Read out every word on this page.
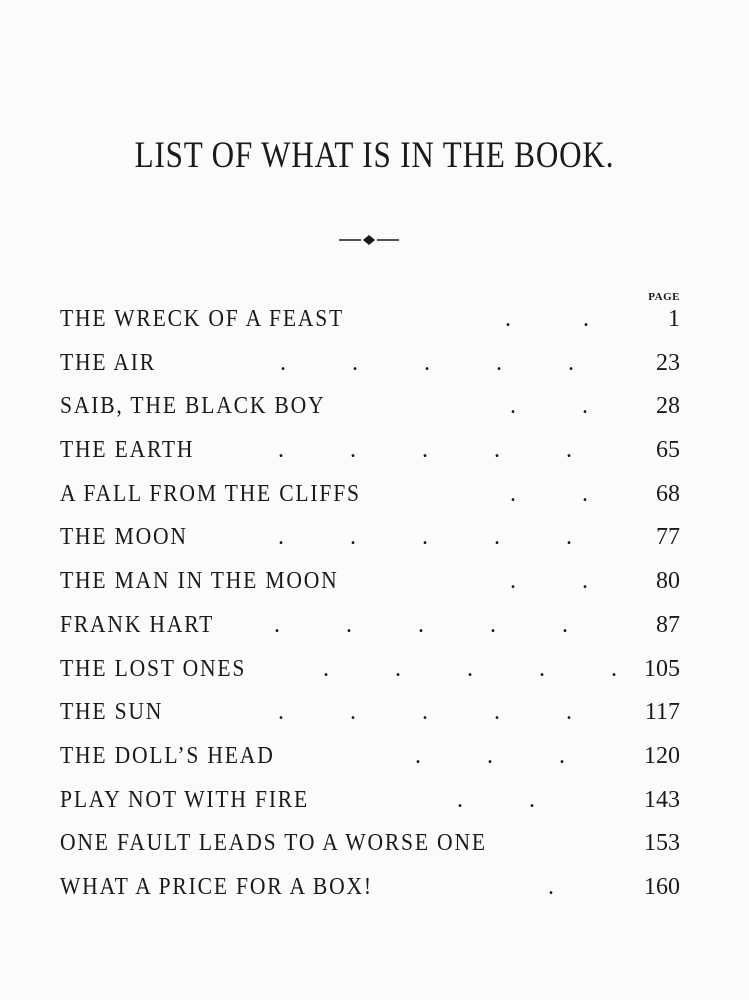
LIST OF WHAT IS IN THE BOOK.
PAGE
THE WRECK OF A FEAST	.            .	1
THE AIR	.           .           .           .           .	23
SAIB, THE BLACK BOY	.           .	28
THE EARTH	.           .           .           .           .	65
A FALL FROM THE CLIFFS	.           .	68
THE MOON	.           .           .           .           .	77
THE MAN IN THE MOON	.           .	80
FRANK HART .           .           .           .           .	87
THE LOST ONES	.           .           .           .           . 105
THE SUN	.           .           .           .           .	117
THE DOLL’S HEAD	.           .           .	120
PLAY NOT WITH FIRE	.           .	143
ONE FAULT LEADS TO A WORSE ONE	153
WHAT A PRICE FOR A BOX!	.	160
